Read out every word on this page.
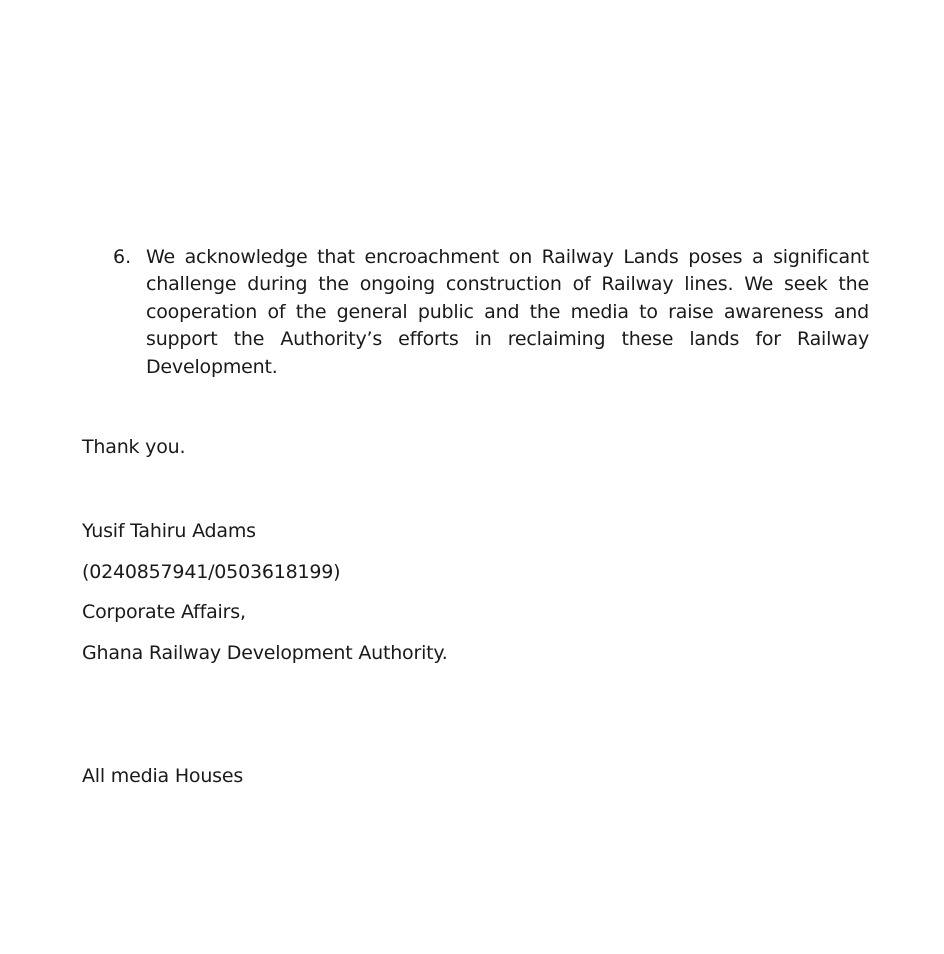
6. We acknowledge that encroachment on Railway Lands poses a significant challenge during the ongoing construction of Railway lines. We seek the cooperation of the general public and the media to raise awareness and support the Authority’s efforts in reclaiming these lands for Railway Development.
Thank you.
Yusif Tahiru Adams
(0240857941/0503618199)
Corporate Affairs,
Ghana Railway Development Authority.
All media Houses
